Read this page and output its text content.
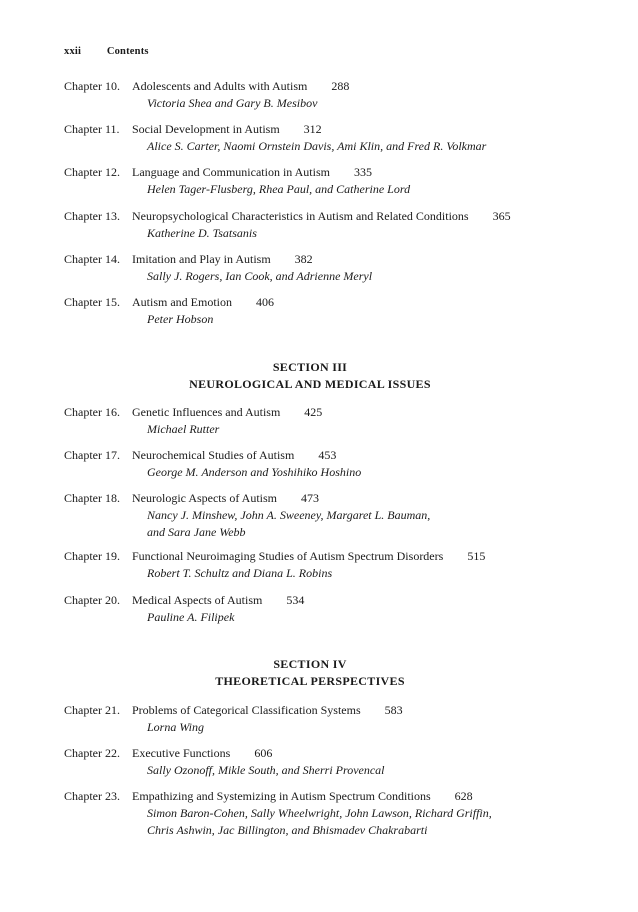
xxii Contents
Chapter 10. Adolescents and Adults with Autism 288
Victoria Shea and Gary B. Mesibov
Chapter 11. Social Development in Autism 312
Alice S. Carter, Naomi Ornstein Davis, Ami Klin, and Fred R. Volkmar
Chapter 12. Language and Communication in Autism 335
Helen Tager-Flusberg, Rhea Paul, and Catherine Lord
Chapter 13. Neuropsychological Characteristics in Autism and Related Conditions 365
Katherine D. Tsatsanis
Chapter 14. Imitation and Play in Autism 382
Sally J. Rogers, Ian Cook, and Adrienne Meryl
Chapter 15. Autism and Emotion 406
Peter Hobson
SECTION III
NEUROLOGICAL AND MEDICAL ISSUES
Chapter 16. Genetic Influences and Autism 425
Michael Rutter
Chapter 17. Neurochemical Studies of Autism 453
George M. Anderson and Yoshihiko Hoshino
Chapter 18. Neurologic Aspects of Autism 473
Nancy J. Minshew, John A. Sweeney, Margaret L. Bauman,
and Sara Jane Webb
Chapter 19. Functional Neuroimaging Studies of Autism Spectrum Disorders 515
Robert T. Schultz and Diana L. Robins
Chapter 20. Medical Aspects of Autism 534
Pauline A. Filipek
SECTION IV
THEORETICAL PERSPECTIVES
Chapter 21. Problems of Categorical Classification Systems 583
Lorna Wing
Chapter 22. Executive Functions 606
Sally Ozonoff, Mikle South, and Sherri Provencal
Chapter 23. Empathizing and Systemizing in Autism Spectrum Conditions 628
Simon Baron-Cohen, Sally Wheelwright, John Lawson, Richard Griffin,
Chris Ashwin, Jac Billington, and Bhismadev Chakrabarti
